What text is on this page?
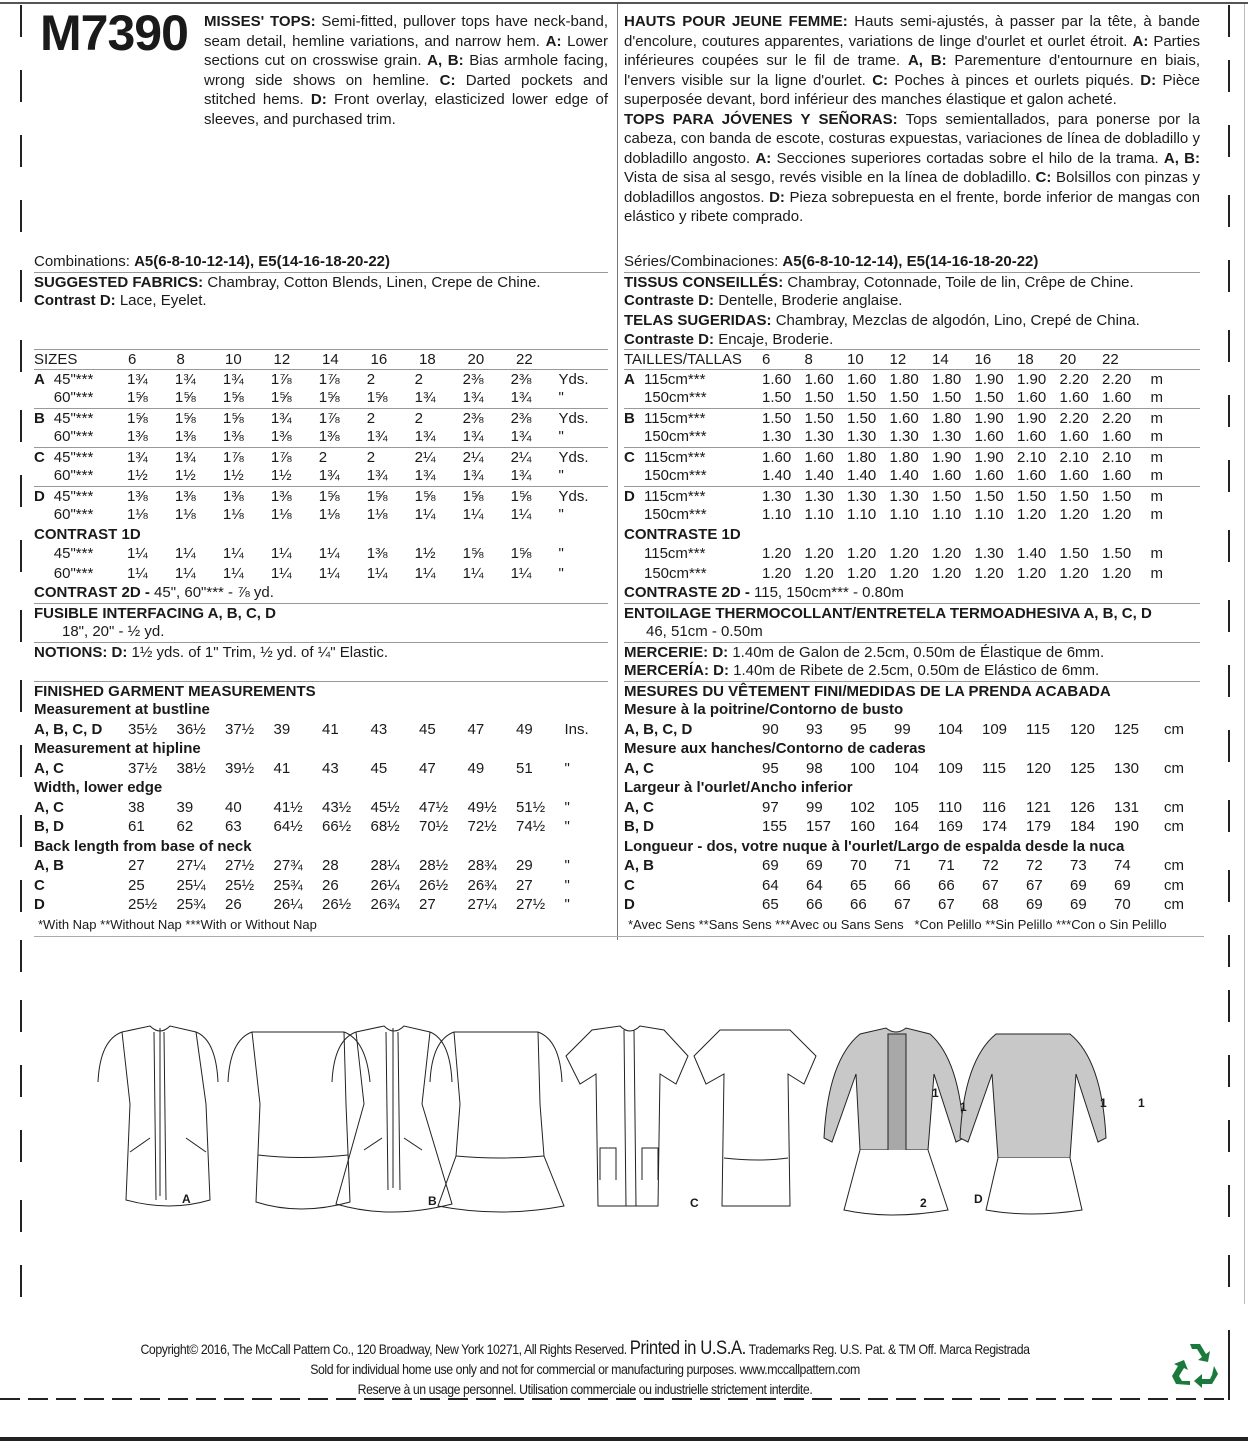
M7390 MISSES' TOPS: Semi-fitted, pullover tops have neck-band, seam detail, hemline variations, and narrow hem. A: Lower sections cut on crosswise grain. A, B: Bias armhole facing, wrong side shows on hemline. C: Darted pockets and stitched hems. D: Front overlay, elasticized lower edge of sleeves, and purchased trim.
HAUTS POUR JEUNE FEMME: Hauts semi-ajustés, à passer par la tête, à bande d'encolure, coutures apparentes, variations de linge d'ourlet et ourlet étroit. A: Parties inférieures coupées sur le fil de trame. A, B: Parementure d'entournure en biais, l'envers visible sur la ligne d'ourlet. C: Poches à pinces et ourlets piqués. D: Pièce superposée devant, bord inférieur des manches élastique et galon acheté.
TOPS PARA JÓVENES Y SEÑORAS: Tops semientallados, para ponerse por la cabeza, con banda de escote, costuras expuestas, variaciones de línea de dobladillo y dobladillo angosto. A: Secciones superiores cortadas sobre el hilo de la trama. A, B: Vista de sisa al sesgo, revés visible en la línea de dobladillo. C: Bolsillos con pinzas y dobladillos angostos. D: Pieza sobrepuesta en el frente, borde inferior de mangas con elástico y ribete comprado.
Combinations:
A5(6-8-10-12-14), E5(14-16-18-20-22)
SUGGESTED FABRICS:
Chambray, Cotton Blends, Linen, Crepe de Chine.
Contrast D:
Lace, Eyelet.
SIZES	6	8	10	12	14	16	18	20	22
A 45"***	1¾	1¾	1¾	1⅞	1⅞	2	2	2⅜	2⅜	Yds.
60"***	1⅝	1⅝	1⅝	1⅝	1⅝	1⅝	1¾	1¾	1¾	"
B 45"***	1⅝	1⅝	1⅝	1¾	1⅞	2	2	2⅜	2⅜	Yds.
60"***	1⅜	1⅜	1⅜	1⅜	1⅜	1¾	1¾	1¾	1¾	"
C 45"***	1¾	1¾	1⅞	1⅞	2	2	2¼	2¼	2¼	Yds.
60"***	1½	1½	1½	1½	1¾	1¾	1¾	1¾	1¾	"
D 45"***	1⅜	1⅜	1⅜	1⅜	1⅝	1⅝	1⅝	1⅝	1⅝	Yds.
60"***	1⅛	1⅛	1⅛	1⅛	1⅛	1⅛	1¼	1¼	1¼	"
CONTRAST 1D
45"***	1¼	1¼	1¼	1¼	1¼	1⅜	1½	1⅝	1⅝	"
60"***	1¼	1¼	1¼	1¼	1¼	1¼	1¼	1¼	1¼	"
CONTRAST 2D -
45", 60"*** - ⅞ yd.
FUSIBLE INTERFACING A, B, C, D
18", 20" - ½ yd.
NOTIONS: D:
1½ yds. of 1" Trim, ½ yd. of ¼" Elastic.
FINISHED GARMENT MEASUREMENTS
Measurement at bustline
A, B, C, D	35½	36½	37½	39	41	43	45	47	49	Ins.
Measurement at hipline
A, C	37½	38½	39½	41	43	45	47	49	51	"
Width, lower edge
A, C	38	39	40	41½	43½	45½	47½	49½	51½	"
B, D	61	62	63	64½	66½	68½	70½	72½	74½	"
Back length from base of neck
A, B	27	27¼	27½	27¾	28	28¼	28½	28¾	29	"
C	25	25¼	25½	25¾	26	26¼	26½	26¾	27	"
D	25½	25¾	26	26¼	26½	26¾	27	27¼	27½	"
*With Nap **Without Nap ***With or Without Nap
Séries/Combinaciones:
A5(6-8-10-12-14), E5(14-16-18-20-22)
TISSUS CONSEILLÉS:
Chambray, Cotonnade, Toile de lin, Crêpe de Chine.
Contraste D:
Dentelle, Broderie anglaise.
TELAS SUGERIDAS:
Chambray, Mezclas de algodón, Lino, Crepé de China.
Contraste D:
Encaje, Broderie.
TAILLES/TALLAS	6	8	10	12	14	16	18	20	22
A 115cm***	1.60 1.60 1.60 1.80 1.80 1.90 1.90 2.20 2.20	m
150cm***	1.50 1.50 1.50 1.50 1.50 1.50 1.60 1.60 1.60	m
B 115cm***	1.50 1.50 1.50 1.60 1.80 1.90 1.90 2.20 2.20	m
150cm***	1.30 1.30 1.30 1.30 1.30 1.60 1.60 1.60 1.60	m
C 115cm***	1.60 1.60 1.80 1.80 1.90 1.90 2.10 2.10 2.10	m
150cm***	1.40 1.40 1.40 1.40 1.60 1.60 1.60 1.60 1.60	m
D 115cm***	1.30 1.30 1.30 1.30 1.50 1.50 1.50 1.50 1.50	m
150cm***	1.10 1.10 1.10 1.10 1.10 1.10 1.20 1.20 1.20	m
CONTRASTE 1D
115cm***	1.20 1.20 1.20 1.20 1.20 1.30 1.40 1.50 1.50	m
150cm***	1.20 1.20 1.20 1.20 1.20 1.20 1.20 1.20 1.20	m
CONTRASTE 2D -
115, 150cm*** - 0.80m
ENTOILAGE THERMOCOLLANT/ENTRETELA TERMOADHESIVA A, B, C, D
46, 51cm - 0.50m
MERCERIE: D:
1.40m de Galon de 2.5cm, 0.50m de Élastique de 6mm.
MERCERÍA: D:
1.40m de Ribete de 2.5cm, 0.50m de Elástico de 6mm.
MESURES DU VÊTEMENT FINI/MEDIDAS DE LA PRENDA ACABADA
Mesure à la poitrine/Contorno de busto
A, B, C, D	90	93	95	99	104	109	115	120	125	cm
Mesure aux hanches/Contorno de caderas
A, C	95	98	100	104	109	115	120	125	130	cm
Largeur à l'ourlet/Ancho inferior
A, C	97	99	102	105	110	116	121	126	131	cm
B, D	155	157	160	164	169	174	179	184	190	cm
Longueur - dos, votre nuque à l'ourlet/Largo de espalda desde la nuca
A, B	69	69	70	71	71	72	72	73	74	cm
C	64	64	65	66	66	67	67	69	69	cm
D	65	66	66	67	67	68	69	69	70	cm
*Avec Sens **Sans Sens ***Avec ou Sans Sens   *Con Pelillo **Sin Pelillo ***Con o Sin Pelillo
A	B	C	D
1
1	1	1
2
Copyright© 2016, The McCall Pattern Co., 120 Broadway, New York 10271, All Rights Reserved. Printed in U.S.A. Trademarks Reg. U.S. Pat. & TM Off. Marca Registrada
Sold for individual home use only and not for commercial or manufacturing purposes. www.mccallpattern.com
Reserve à un usage personnel. Utilisation commerciale ou industrielle strictement interdite.
